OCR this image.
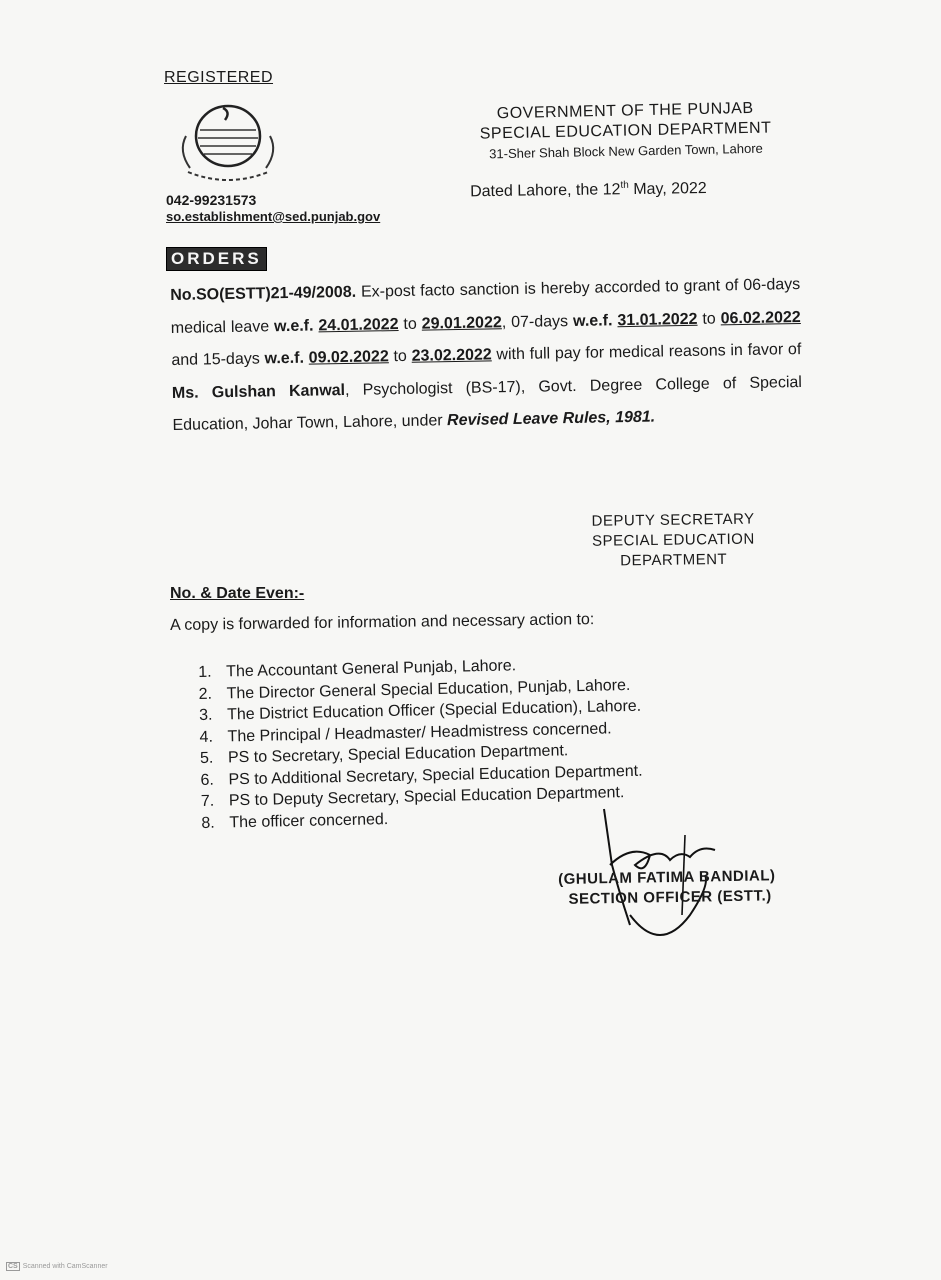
REGISTERED
042-99231573
so.establishment@sed.punjab.gov
GOVERNMENT OF THE PUNJAB
SPECIAL EDUCATION DEPARTMENT
31-Sher Shah Block New Garden Town, Lahore
Dated Lahore, the 12th May, 2022
ORDERS
No.SO(ESTT)21-49/2008. Ex-post facto sanction is hereby accorded to grant of 06-days medical leave w.e.f. 24.01.2022 to 29.01.2022, 07-days w.e.f. 31.01.2022 to 06.02.2022 and 15-days w.e.f. 09.02.2022 to 23.02.2022 with full pay for medical reasons in favor of Ms. Gulshan Kanwal, Psychologist (BS-17), Govt. Degree College of Special Education, Johar Town, Lahore, under Revised Leave Rules, 1981.
DEPUTY SECRETARY
SPECIAL EDUCATION
DEPARTMENT
No. & Date Even:-
A copy is forwarded for information and necessary action to:
1. The Accountant General Punjab, Lahore.
2. The Director General Special Education, Punjab, Lahore.
3. The District Education Officer (Special Education), Lahore.
4. The Principal / Headmaster/ Headmistress concerned.
5. PS to Secretary, Special Education Department.
6. PS to Additional Secretary, Special Education Department.
7. PS to Deputy Secretary, Special Education Department.
8. The officer concerned.
(GHULAM FATIMA BANDIAL)
SECTION OFFICER (ESTT.)
CS Scanned with CamScanner
